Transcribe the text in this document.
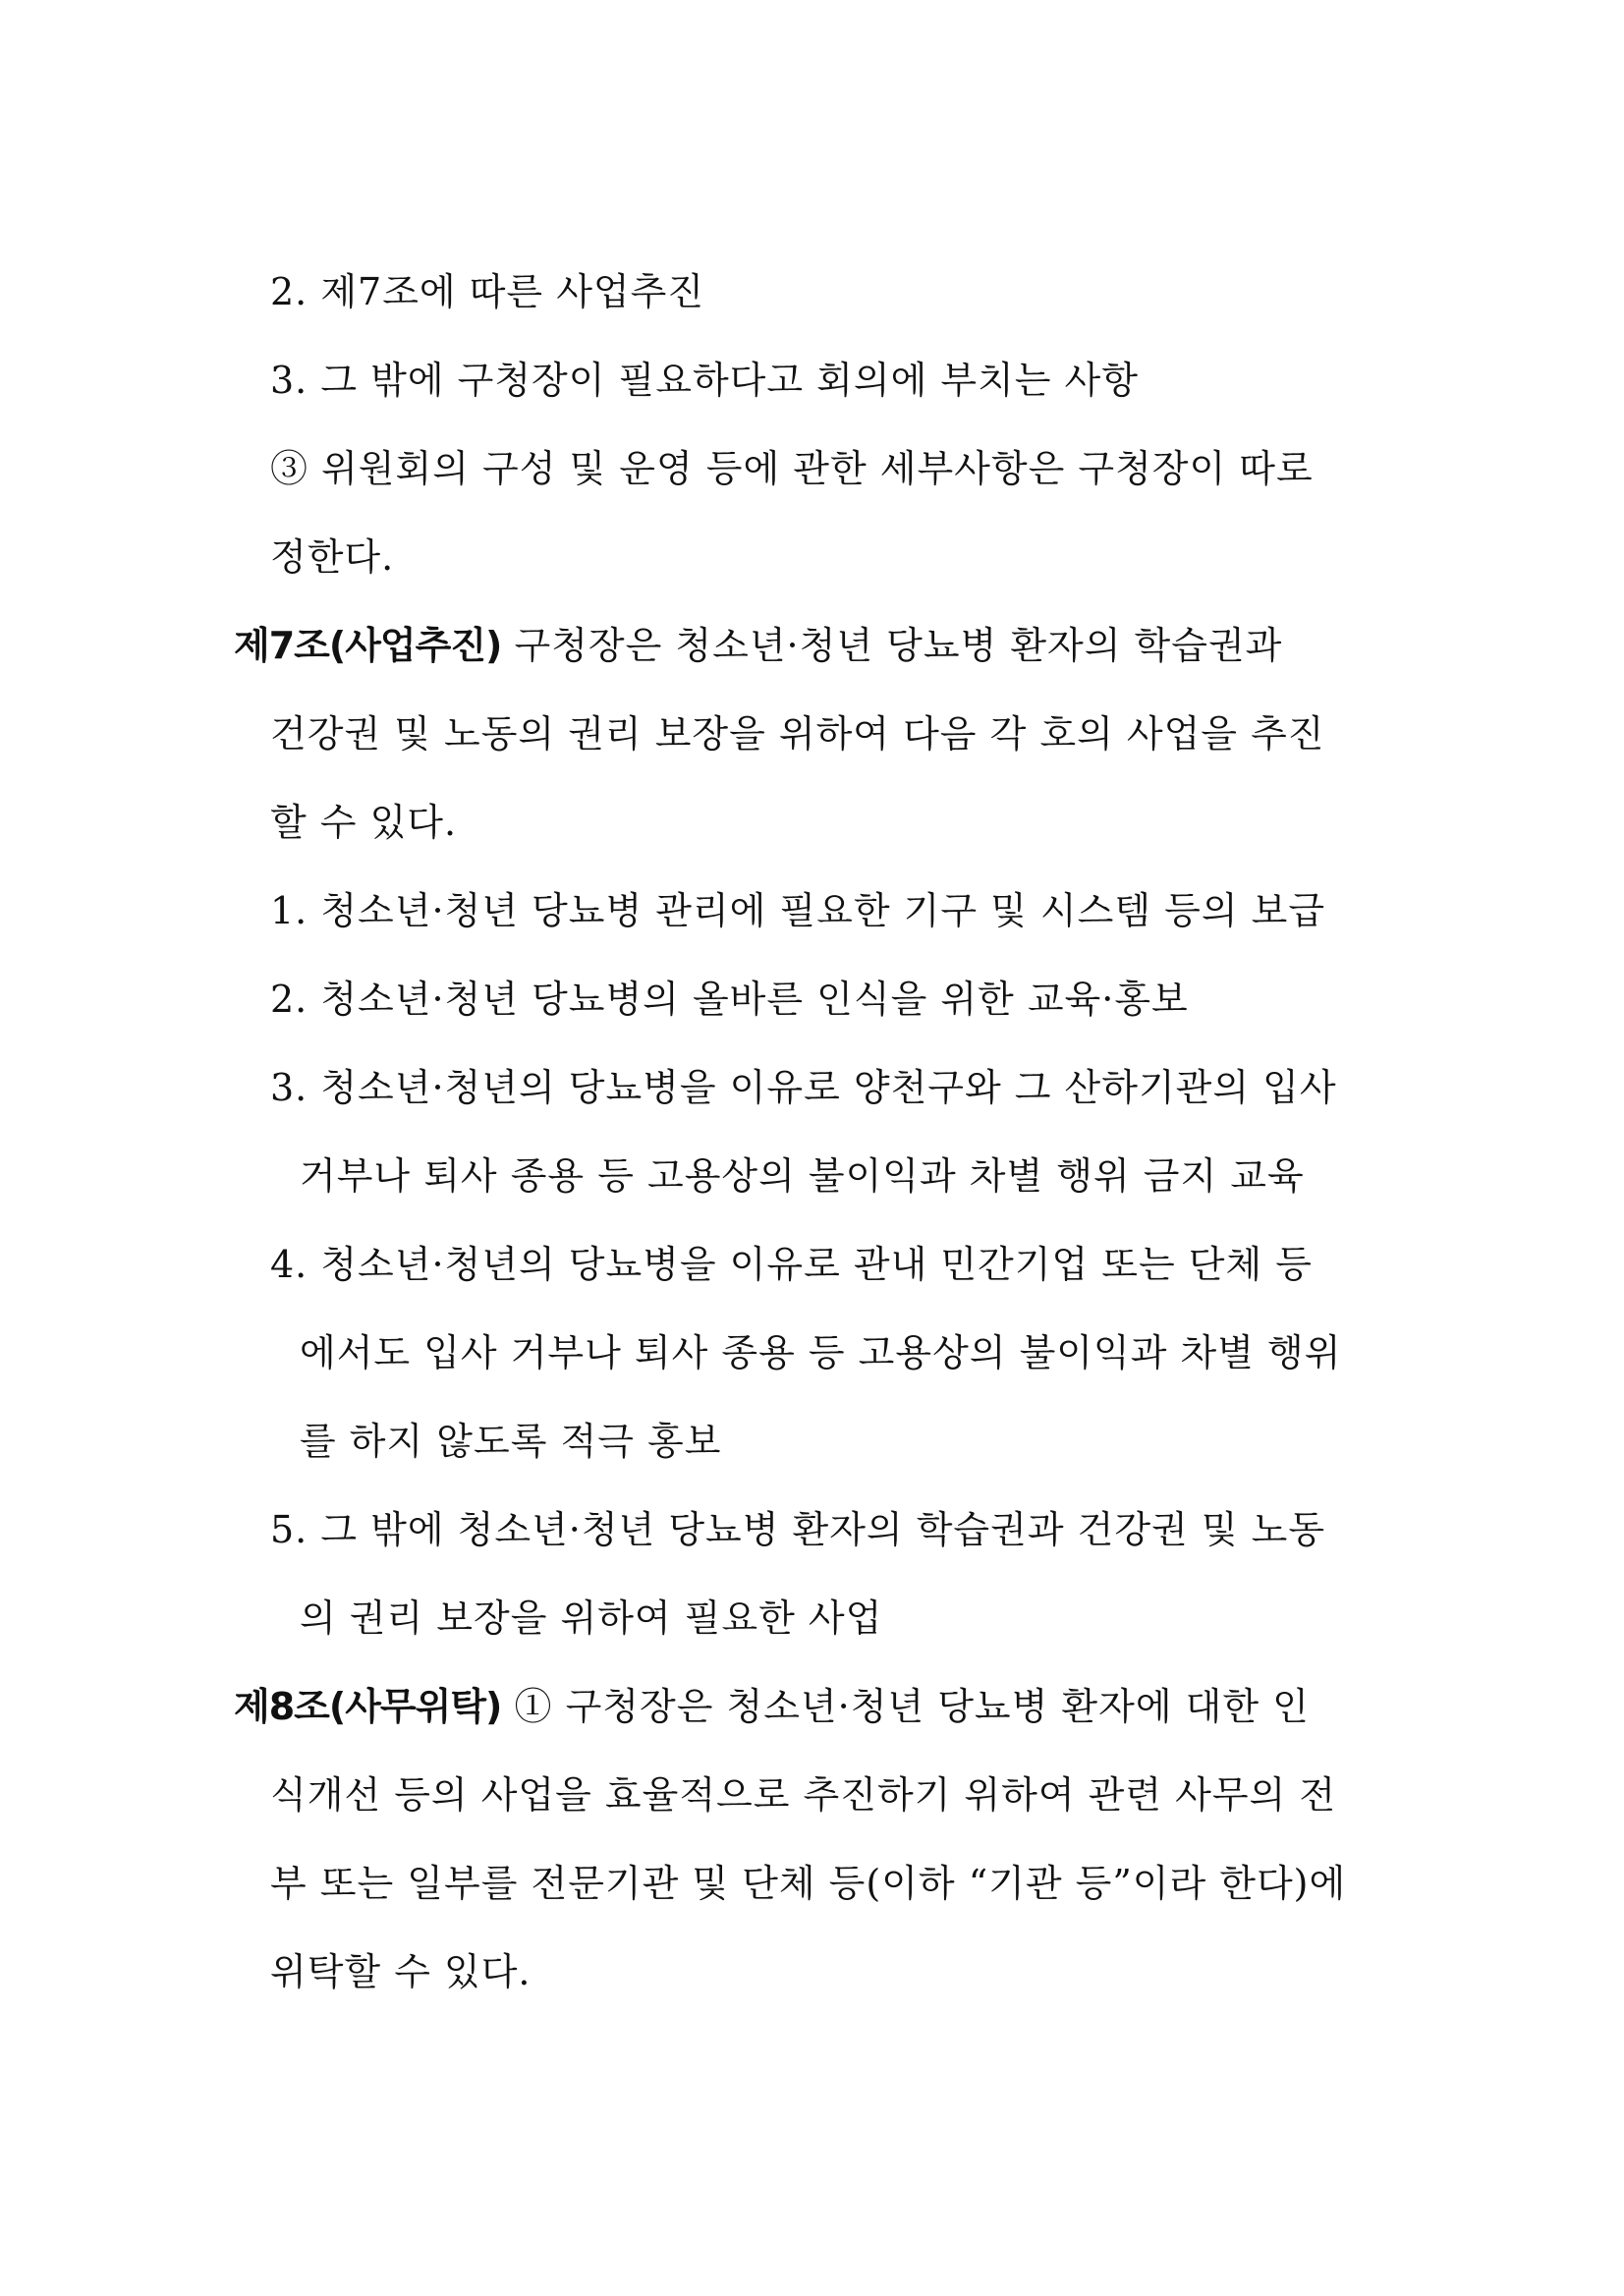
2. 제7조에 따른 사업추진
3. 그 밖에 구청장이 필요하다고 회의에 부치는 사항
③ 위원회의 구성 및 운영 등에 관한 세부사항은 구청장이 따로
정한다.
제7조(사업추진) 구청장은 청소년·청년 당뇨병 환자의 학습권과
건강권 및 노동의 권리 보장을 위하여 다음 각 호의 사업을 추진
할 수 있다.
1. 청소년·청년 당뇨병 관리에 필요한 기구 및 시스템 등의 보급
2. 청소년·청년 당뇨병의 올바른 인식을 위한 교육·홍보
3. 청소년·청년의 당뇨병을 이유로 양천구와 그 산하기관의 입사
거부나 퇴사 종용 등 고용상의 불이익과 차별 행위 금지 교육
4. 청소년·청년의 당뇨병을 이유로 관내 민간기업 또는 단체 등
에서도 입사 거부나 퇴사 종용 등 고용상의 불이익과 차별 행위
를 하지 않도록 적극 홍보
5. 그 밖에 청소년·청년 당뇨병 환자의 학습권과 건강권 및 노동
의 권리 보장을 위하여 필요한 사업
제8조(사무위탁) ① 구청장은 청소년·청년 당뇨병 환자에 대한 인
식개선 등의 사업을 효율적으로 추진하기 위하여 관련 사무의 전
부 또는 일부를 전문기관 및 단체 등(이하 “기관 등”이라 한다)에
위탁할 수 있다.
